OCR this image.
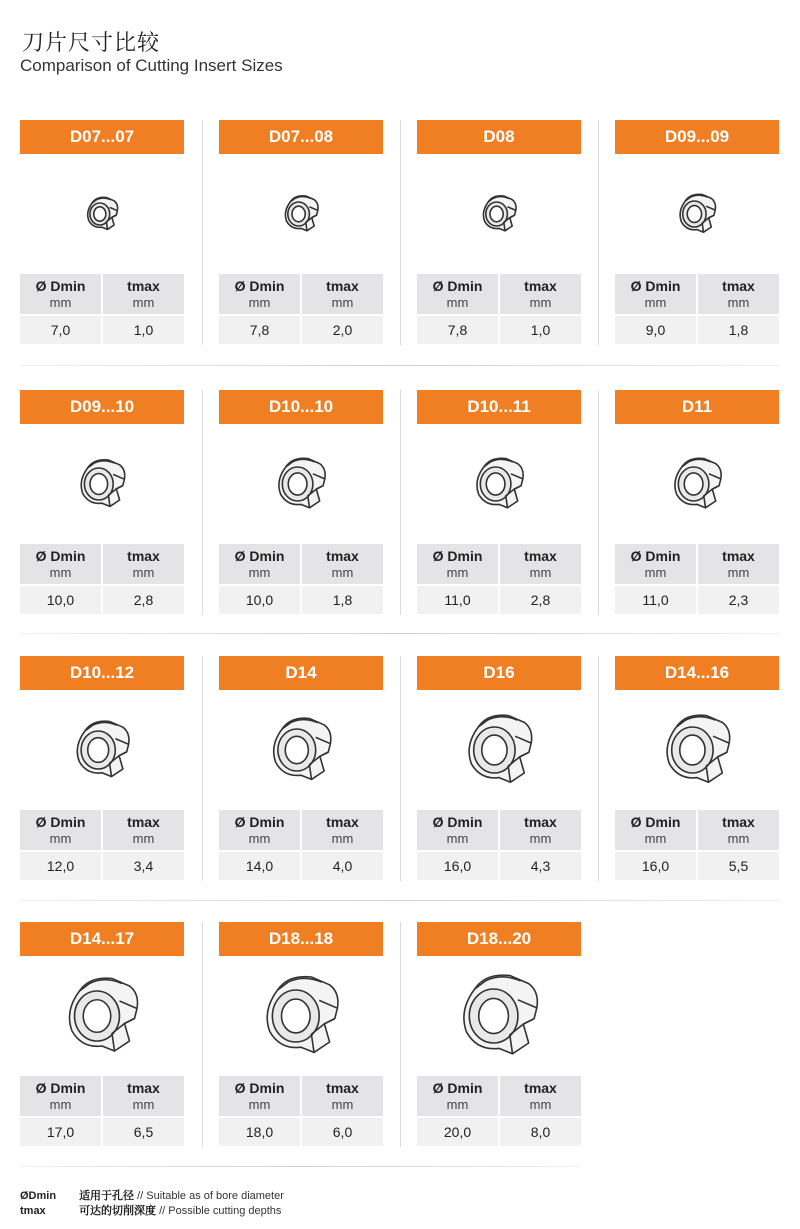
刀片尺寸比较
Comparison of Cutting Insert Sizes
D07...07
Ø Dmin
mm
tmax
mm
7,0	1,0
D07...08
Ø Dmin
mm
tmax
mm
7,8	2,0
D08
Ø Dmin
mm
tmax
mm
7,8	1,0
D09...09
Ø Dmin
mm
tmax
mm
9,0	1,8
D09...10
Ø Dmin
mm
tmax
mm
10,0	2,8
D10...10
Ø Dmin
mm
tmax
mm
10,0	1,8
D10...11
Ø Dmin
mm
tmax
mm
11,0	2,8
D11
Ø Dmin
mm
tmax
mm
11,0	2,3
D10...12
Ø Dmin
mm
tmax
mm
12,0	3,4
D14
Ø Dmin
mm
tmax
mm
14,0	4,0
D16
Ø Dmin
mm
tmax
mm
16,0	4,3
D14...16
Ø Dmin
mm
tmax
mm
16,0	5,5
D14...17
Ø Dmin
mm
tmax
mm
17,0	6,5
D18...18
Ø Dmin
mm
tmax
mm
18,0	6,0
D18...20
Ø Dmin
mm
tmax
mm
20,0	8,0
ØDmin 适用于孔径 // Suitable as of bore diameter
tmax	可达的切削深度 // Possible cutting depths
